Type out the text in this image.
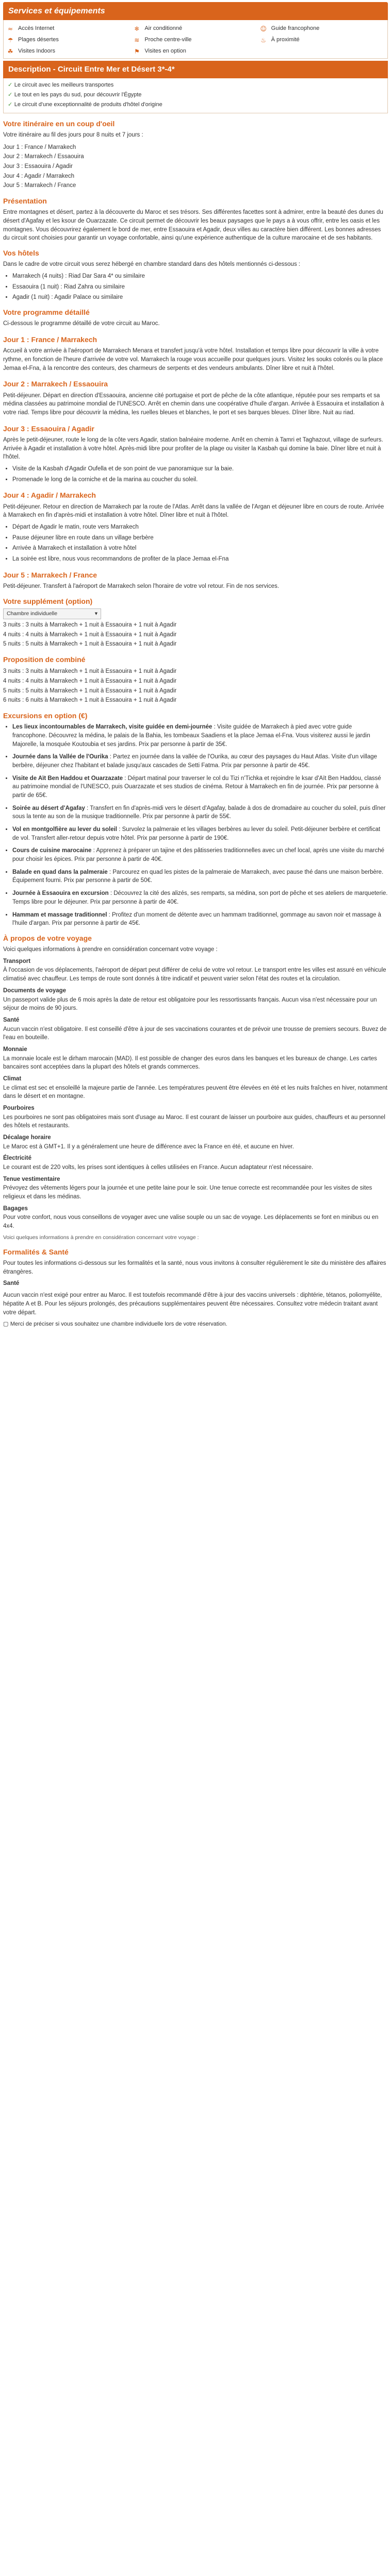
Services et équipements
≈ Accès Internet	❄ Air conditionné	☺ Guide francophone
☂ Plages désertes	≋ Proche centre-ville	♨ À proximité
☘ Visites Indoors	⚑ Visites en option
Description - Circuit Entre Mer et Désert 3*-4*
✓ Le circuit avec les meilleurs transportes
✓ Le tout en les pays du sud, pour découvrir l'Égypte
✓ Le circuit d'une exceptionnalité de produits d'hôtel d'origine
Votre itinéraire en un coup d'oeil

Votre itinéraire au fil des jours pour 8 nuits et 7 jours :

Jour 1 : France / Marrakech
Jour 2 : Marrakech / Essaouira
Jour 3 : Essaouira / Agadir
Jour 4 : Agadir / Marrakech
Jour 5 : Marrakech / France
Présentation

Entre montagnes et désert, partez à la découverte du Maroc et ses trésors. Ses différentes facettes sont à admirer, entre la beauté des dunes du désert d'Agafay et les ksour de Ouarzazate. Ce circuit permet de découvrir les beaux paysages que le pays a à vous offrir, entre les oasis et les montagnes. Vous découvrirez également le bord de mer, entre Essaouira et Agadir, deux villes au caractère bien différent. Les bonnes adresses du circuit sont choisies pour garantir un voyage confortable, ainsi qu'une expérience authentique de la culture marocaine et de ses habitants.

Vos hôtels

Dans le cadre de votre circuit vous serez hébergé en chambre standard dans des hôtels mentionnés ci-dessous :

• Marrakech (4 nuits) : Riad Dar Sara 4* ou similaire
• Essaouira (1 nuit) : Riad Zahra ou similaire
• Agadir (1 nuit) : Agadir Palace ou similaire
Votre programme détaillé

Ci-dessous le programme détaillé de votre circuit au Maroc.

Jour 1 : France / Marrakech

Accueil à votre arrivée à l'aéroport de Marrakech Menara et transfert jusqu'à votre hôtel. Installation et temps libre pour découvrir la ville à votre rythme, en fonction de l'heure d'arrivée de votre vol. Marrakech la rouge vous accueille pour quelques jours. Visitez les souks colorés ou la place Jemaa el-Fna, à la rencontre des conteurs, des charmeurs de serpents et des vendeurs ambulants. Dîner libre et nuit à l'hôtel.

Jour 2 : Marrakech / Essaouira

Petit-déjeuner. Départ en direction d'Essaouira, ancienne cité portugaise et port de pêche de la côte atlantique, réputée pour ses remparts et sa médina classées au patrimoine mondial de l'UNESCO. Arrêt en chemin dans une coopérative d'huile d'argan. Arrivée à Essaouira et installation à votre riad. Temps libre pour découvrir la médina, les ruelles bleues et blanches, le port et ses barques bleues. Dîner libre. Nuit au riad.

Jour 3 : Essaouira / Agadir

Après le petit-déjeuner, route le long de la côte vers Agadir, station balnéaire moderne. Arrêt en chemin à Tamri et Taghazout, village de surfeurs. Arrivée à Agadir et installation à votre hôtel. Après-midi libre pour profiter de la plage ou visiter la Kasbah qui domine la baie. Dîner libre et nuit à l'hôtel.

• Visite de la Kasbah d'Agadir Oufella et de son point de vue panoramique sur la baie.
• Promenade le long de la corniche et de la marina au coucher du soleil.
Jour 4 : Agadir / Marrakech

Petit-déjeuner. Retour en direction de Marrakech par la route de l'Atlas. Arrêt dans la vallée de l'Argan et déjeuner libre en cours de route. Arrivée à Marrakech en fin d'après-midi et installation à votre hôtel. Dîner libre et nuit à l'hôtel.

• Départ de Agadir le matin, route vers Marrakech
• Pause déjeuner libre en route dans un village berbère
• Arrivée à Marrakech et installation à votre hôtel
• La soirée est libre, nous vous recommandons de profiter de la place Jemaa el-Fna
Jour 5 : Marrakech / France

Petit-déjeuner. Transfert à l'aéroport de Marrakech selon l'horaire de votre vol retour. Fin de nos services.

Votre supplément (option)
Chambre individuelle	▾
3 nuits : 3 nuits à Marrakech + 1 nuit à Essaouira + 1 nuit à Agadir
4 nuits : 4 nuits à Marrakech + 1 nuit à Essaouira + 1 nuit à Agadir
5 nuits : 5 nuits à Marrakech + 1 nuit à Essaouira + 1 nuit à Agadir
Proposition de combiné
3 nuits : 3 nuits à Marrakech + 1 nuit à Essaouira + 1 nuit à Agadir
4 nuits : 4 nuits à Marrakech + 1 nuit à Essaouira + 1 nuit à Agadir
5 nuits : 5 nuits à Marrakech + 1 nuit à Essaouira + 1 nuit à Agadir
6 nuits : 6 nuits à Marrakech + 1 nuit à Essaouira + 1 nuit à Agadir
Excursions en option (€)
• Les lieux incontournables de Marrakech, visite guidée en demi-journée : Visite guidée de Marrakech à pied avec votre guide francophone. Découvrez la médina, le palais de la Bahia, les tombeaux Saadiens et la place Jemaa el-Fna. Vous visiterez aussi le jardin Majorelle, la mosquée Koutoubia et ses jardins. Prix par personne à partir de 35€.
• Journée dans la Vallée de l'Ourika : Partez en journée dans la vallée de l'Ourika, au cœur des paysages du Haut Atlas. Visite d'un village berbère, déjeuner chez l'habitant et balade jusqu'aux cascades de Setti Fatma. Prix par personne à partir de 45€.
• Visite de Aït Ben Haddou et Ouarzazate : Départ matinal pour traverser le col du Tizi n'Tichka et rejoindre le ksar d'Aït Ben Haddou, classé au patrimoine mondial de l'UNESCO, puis Ouarzazate et ses studios de cinéma. Retour à Marrakech en fin de journée. Prix par personne à partir de 65€.
• Soirée au désert d'Agafay : Transfert en fin d'après-midi vers le désert d'Agafay, balade à dos de dromadaire au coucher du soleil, puis dîner sous la tente au son de la musique traditionnelle. Prix par personne à partir de 55€.
• Vol en montgolfière au lever du soleil : Survolez la palmeraie et les villages berbères au lever du soleil. Petit-déjeuner berbère et certificat de vol. Transfert aller-retour depuis votre hôtel. Prix par personne à partir de 190€.
• Cours de cuisine marocaine : Apprenez à préparer un tajine et des pâtisseries traditionnelles avec un chef local, après une visite du marché pour choisir les épices. Prix par personne à partir de 40€.
• Balade en quad dans la palmeraie : Parcourez en quad les pistes de la palmeraie de Marrakech, avec pause thé dans une maison berbère. Équipement fourni. Prix par personne à partir de 50€.
• Journée à Essaouira en excursion : Découvrez la cité des alizés, ses remparts, sa médina, son port de pêche et ses ateliers de marqueterie. Temps libre pour le déjeuner. Prix par personne à partir de 40€.
• Hammam et massage traditionnel : Profitez d'un moment de détente avec un hammam traditionnel, gommage au savon noir et massage à l'huile d'argan. Prix par personne à partir de 45€.
À propos de votre voyage

Voici quelques informations à prendre en considération concernant votre voyage :

Transport

À l'occasion de vos déplacements, l'aéroport de départ peut différer de celui de votre vol retour. Le transport entre les villes est assuré en véhicule climatisé avec chauffeur. Les temps de route sont donnés à titre indicatif et peuvent varier selon l'état des routes et la circulation.

Documents de voyage

Un passeport valide plus de 6 mois après la date de retour est obligatoire pour les ressortissants français. Aucun visa n'est nécessaire pour un séjour de moins de 90 jours.

Santé

Aucun vaccin n'est obligatoire. Il est conseillé d'être à jour de ses vaccinations courantes et de prévoir une trousse de premiers secours. Buvez de l'eau en bouteille.

Monnaie

La monnaie locale est le dirham marocain (MAD). Il est possible de changer des euros dans les banques et les bureaux de change. Les cartes bancaires sont acceptées dans la plupart des hôtels et grands commerces.

Climat

Le climat est sec et ensoleillé la majeure partie de l'année. Les températures peuvent être élevées en été et les nuits fraîches en hiver, notamment dans le désert et en montagne.

Pourboires

Les pourboires ne sont pas obligatoires mais sont d'usage au Maroc. Il est courant de laisser un pourboire aux guides, chauffeurs et au personnel des hôtels et restaurants.

Décalage horaire

Le Maroc est à GMT+1. Il y a généralement une heure de différence avec la France en été, et aucune en hiver.

Électricité

Le courant est de 220 volts, les prises sont identiques à celles utilisées en France. Aucun adaptateur n'est nécessaire.

Tenue vestimentaire

Prévoyez des vêtements légers pour la journée et une petite laine pour le soir. Une tenue correcte est recommandée pour les visites de sites religieux et dans les médinas.

Bagages

Pour votre confort, nous vous conseillons de voyager avec une valise souple ou un sac de voyage. Les déplacements se font en minibus ou en 4x4.

Voici quelques informations à prendre en considération concernant votre voyage :

Formalités & Santé

Pour toutes les informations ci-dessous sur les formalités et la santé, nous vous invitons à consulter régulièrement le site du ministère des affaires étrangères.

Santé

Aucun vaccin n'est exigé pour entrer au Maroc. Il est toutefois recommandé d'être à jour des vaccins universels : diphtérie, tétanos, poliomyélite, hépatite A et B. Pour les séjours prolongés, des précautions supplémentaires peuvent être nécessaires. Consultez votre médecin traitant avant votre départ.

▢ Merci de préciser si vous souhaitez une chambre individuelle lors de votre réservation.
